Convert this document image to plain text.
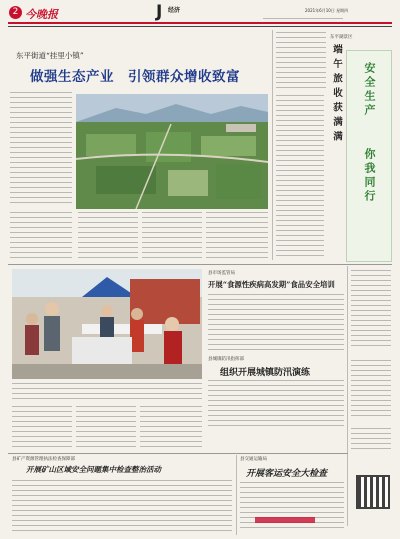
2 今晚报	J 经济	2021年6月10日 星期四
东平街道“挂里小镇”
做强生态产业　引领群众增收致富
东平湖景区
端午旅收获满满 安全生产
你我同行
县市场监管局
开展“食源性疾病高发期”食品安全培训
县城镇防汛指挥部
组织开展城镇防汛演练
县矿产资源管理执法检查保障部
开展矿山区域安全问题集中检查整治活动
县交通运输局
开展客运安全大检查
